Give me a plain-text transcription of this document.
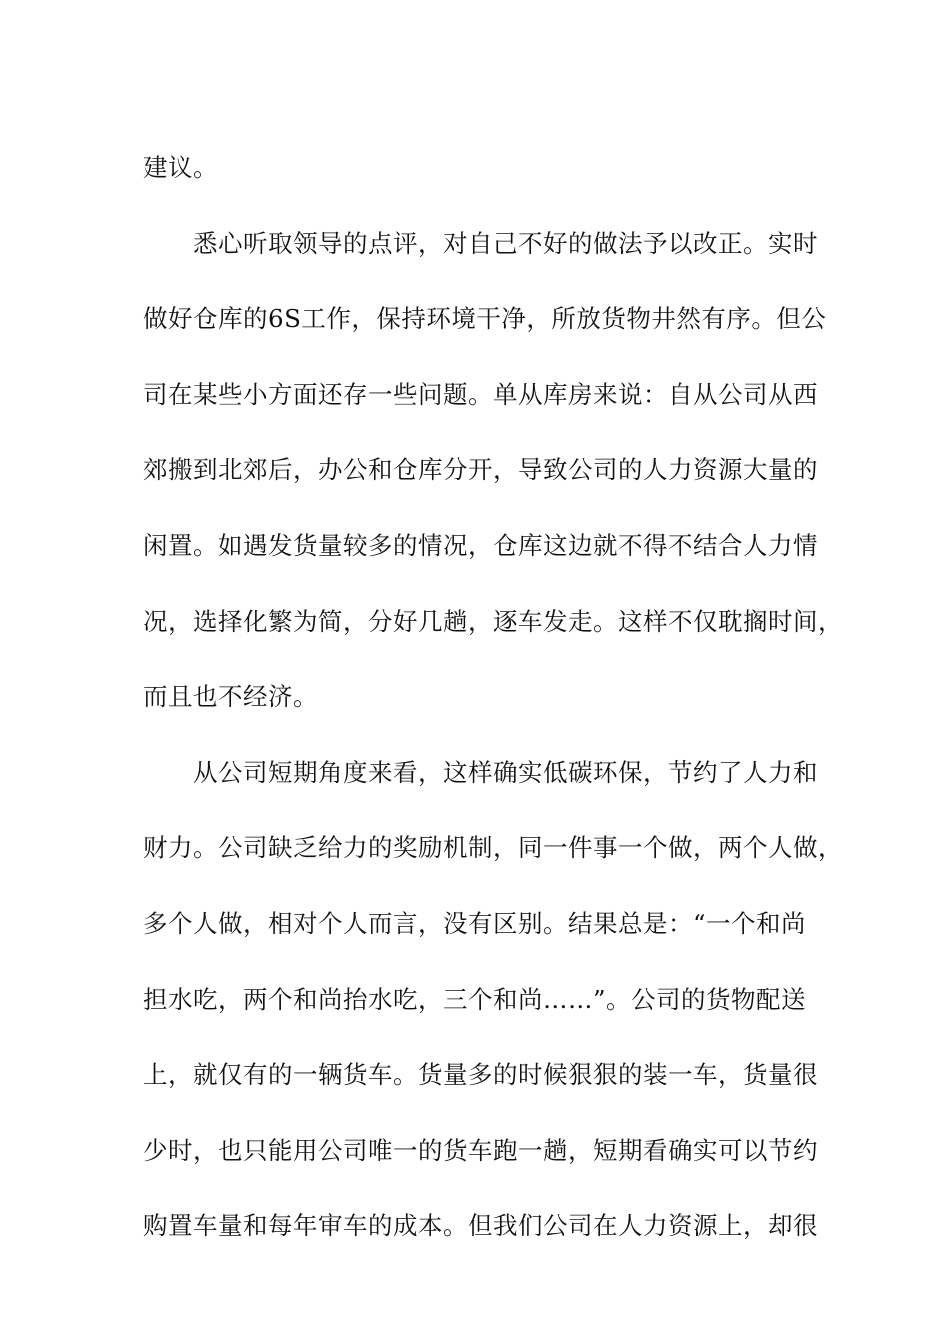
建议。
悉心听取领导的点评，对自己不好的做法予以改正。实时
做好仓库的6S工作，保持环境干净，所放货物井然有序。但公
司在某些小方面还存一些问题。单从库房来说：自从公司从西
郊搬到北郊后，办公和仓库分开，导致公司的人力资源大量的
闲置。如遇发货量较多的情况，仓库这边就不得不结合人力情
况，选择化繁为简，分好几趟，逐车发走。这样不仅耽搁时间，
而且也不经济。
从公司短期角度来看，这样确实低碳环保，节约了人力和
财力。公司缺乏给力的奖励机制，同一件事一个做，两个人做，
多个人做，相对个人而言，没有区别。结果总是：“一个和尚
担水吃，两个和尚抬水吃，三个和尚……”。公司的货物配送
上，就仅有的一辆货车。货量多的时候狠狠的装一车，货量很
少时，也只能用公司唯一的货车跑一趟，短期看确实可以节约
购置车量和每年审车的成本。但我们公司在人力资源上，却很
